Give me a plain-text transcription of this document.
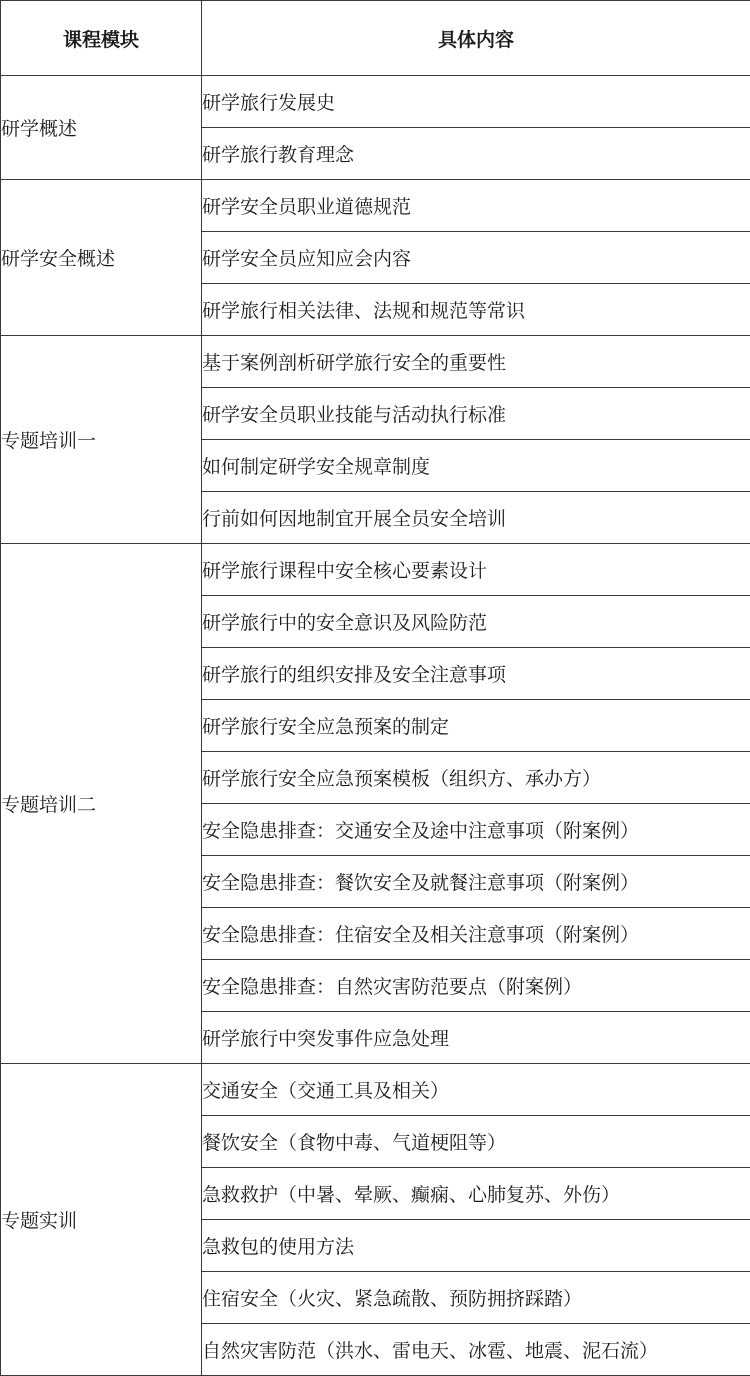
课程模块	具体内容
研学概述	研学旅行发展史
	研学旅行教育理念
研学安全概述	研学安全员职业道德规范
	研学安全员应知应会内容
	研学旅行相关法律、法规和规范等常识
专题培训一	基于案例剖析研学旅行安全的重要性
	研学安全员职业技能与活动执行标准
	如何制定研学安全规章制度
	行前如何因地制宜开展全员安全培训
专题培训二	研学旅行课程中安全核心要素设计
	研学旅行中的安全意识及风险防范
	研学旅行的组织安排及安全注意事项
	研学旅行安全应急预案的制定
	研学旅行安全应急预案模板（组织方、承办方）
	安全隐患排查：交通安全及途中注意事项（附案例）
	安全隐患排查：餐饮安全及就餐注意事项（附案例）
	安全隐患排查：住宿安全及相关注意事项（附案例）
	安全隐患排查：自然灾害防范要点（附案例）
	研学旅行中突发事件应急处理
专题实训	交通安全（交通工具及相关）
	餐饮安全（食物中毒、气道梗阻等）
	急救救护（中暑、晕厥、癫痫、心肺复苏、外伤）
	急救包的使用方法
	住宿安全（火灾、紧急疏散、预防拥挤踩踏）
	自然灾害防范（洪水、雷电天、冰雹、地震、泥石流）
